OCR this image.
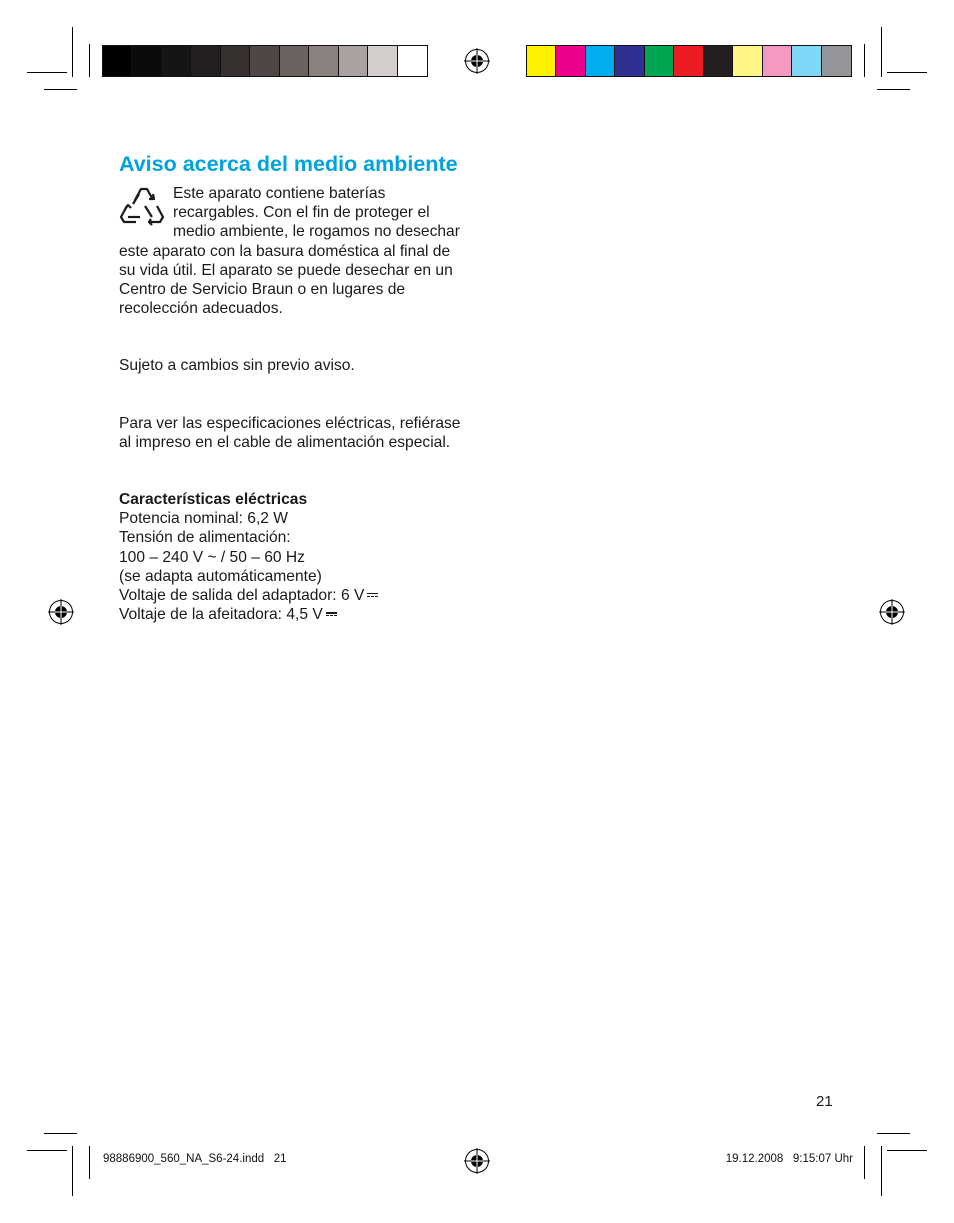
Aviso acerca del medio ambiente

Este aparato contiene baterías recargables. Con el fin de proteger el medio ambiente, le rogamos no desechar este aparato con la basura doméstica al final de su vida útil. El aparato se puede desechar en un Centro de Servicio Braun o en lugares de recolección adecuados.

Sujeto a cambios sin previo aviso.

Para ver las especificaciones eléctricas, refiérase al impreso en el cable de alimentación especial.

Características eléctricas
Potencia nominal: 6,2 W
Tensión de alimentación:
100 – 240 V ~ / 50 – 60 Hz
(se adapta automáticamente)
Voltaje de salida del adaptador: 6 V
Voltaje de la afeitadora: 4,5 V
21
98886900_560_NA_S6-24.indd   21	19.12.2008   9:15:07 Uhr
